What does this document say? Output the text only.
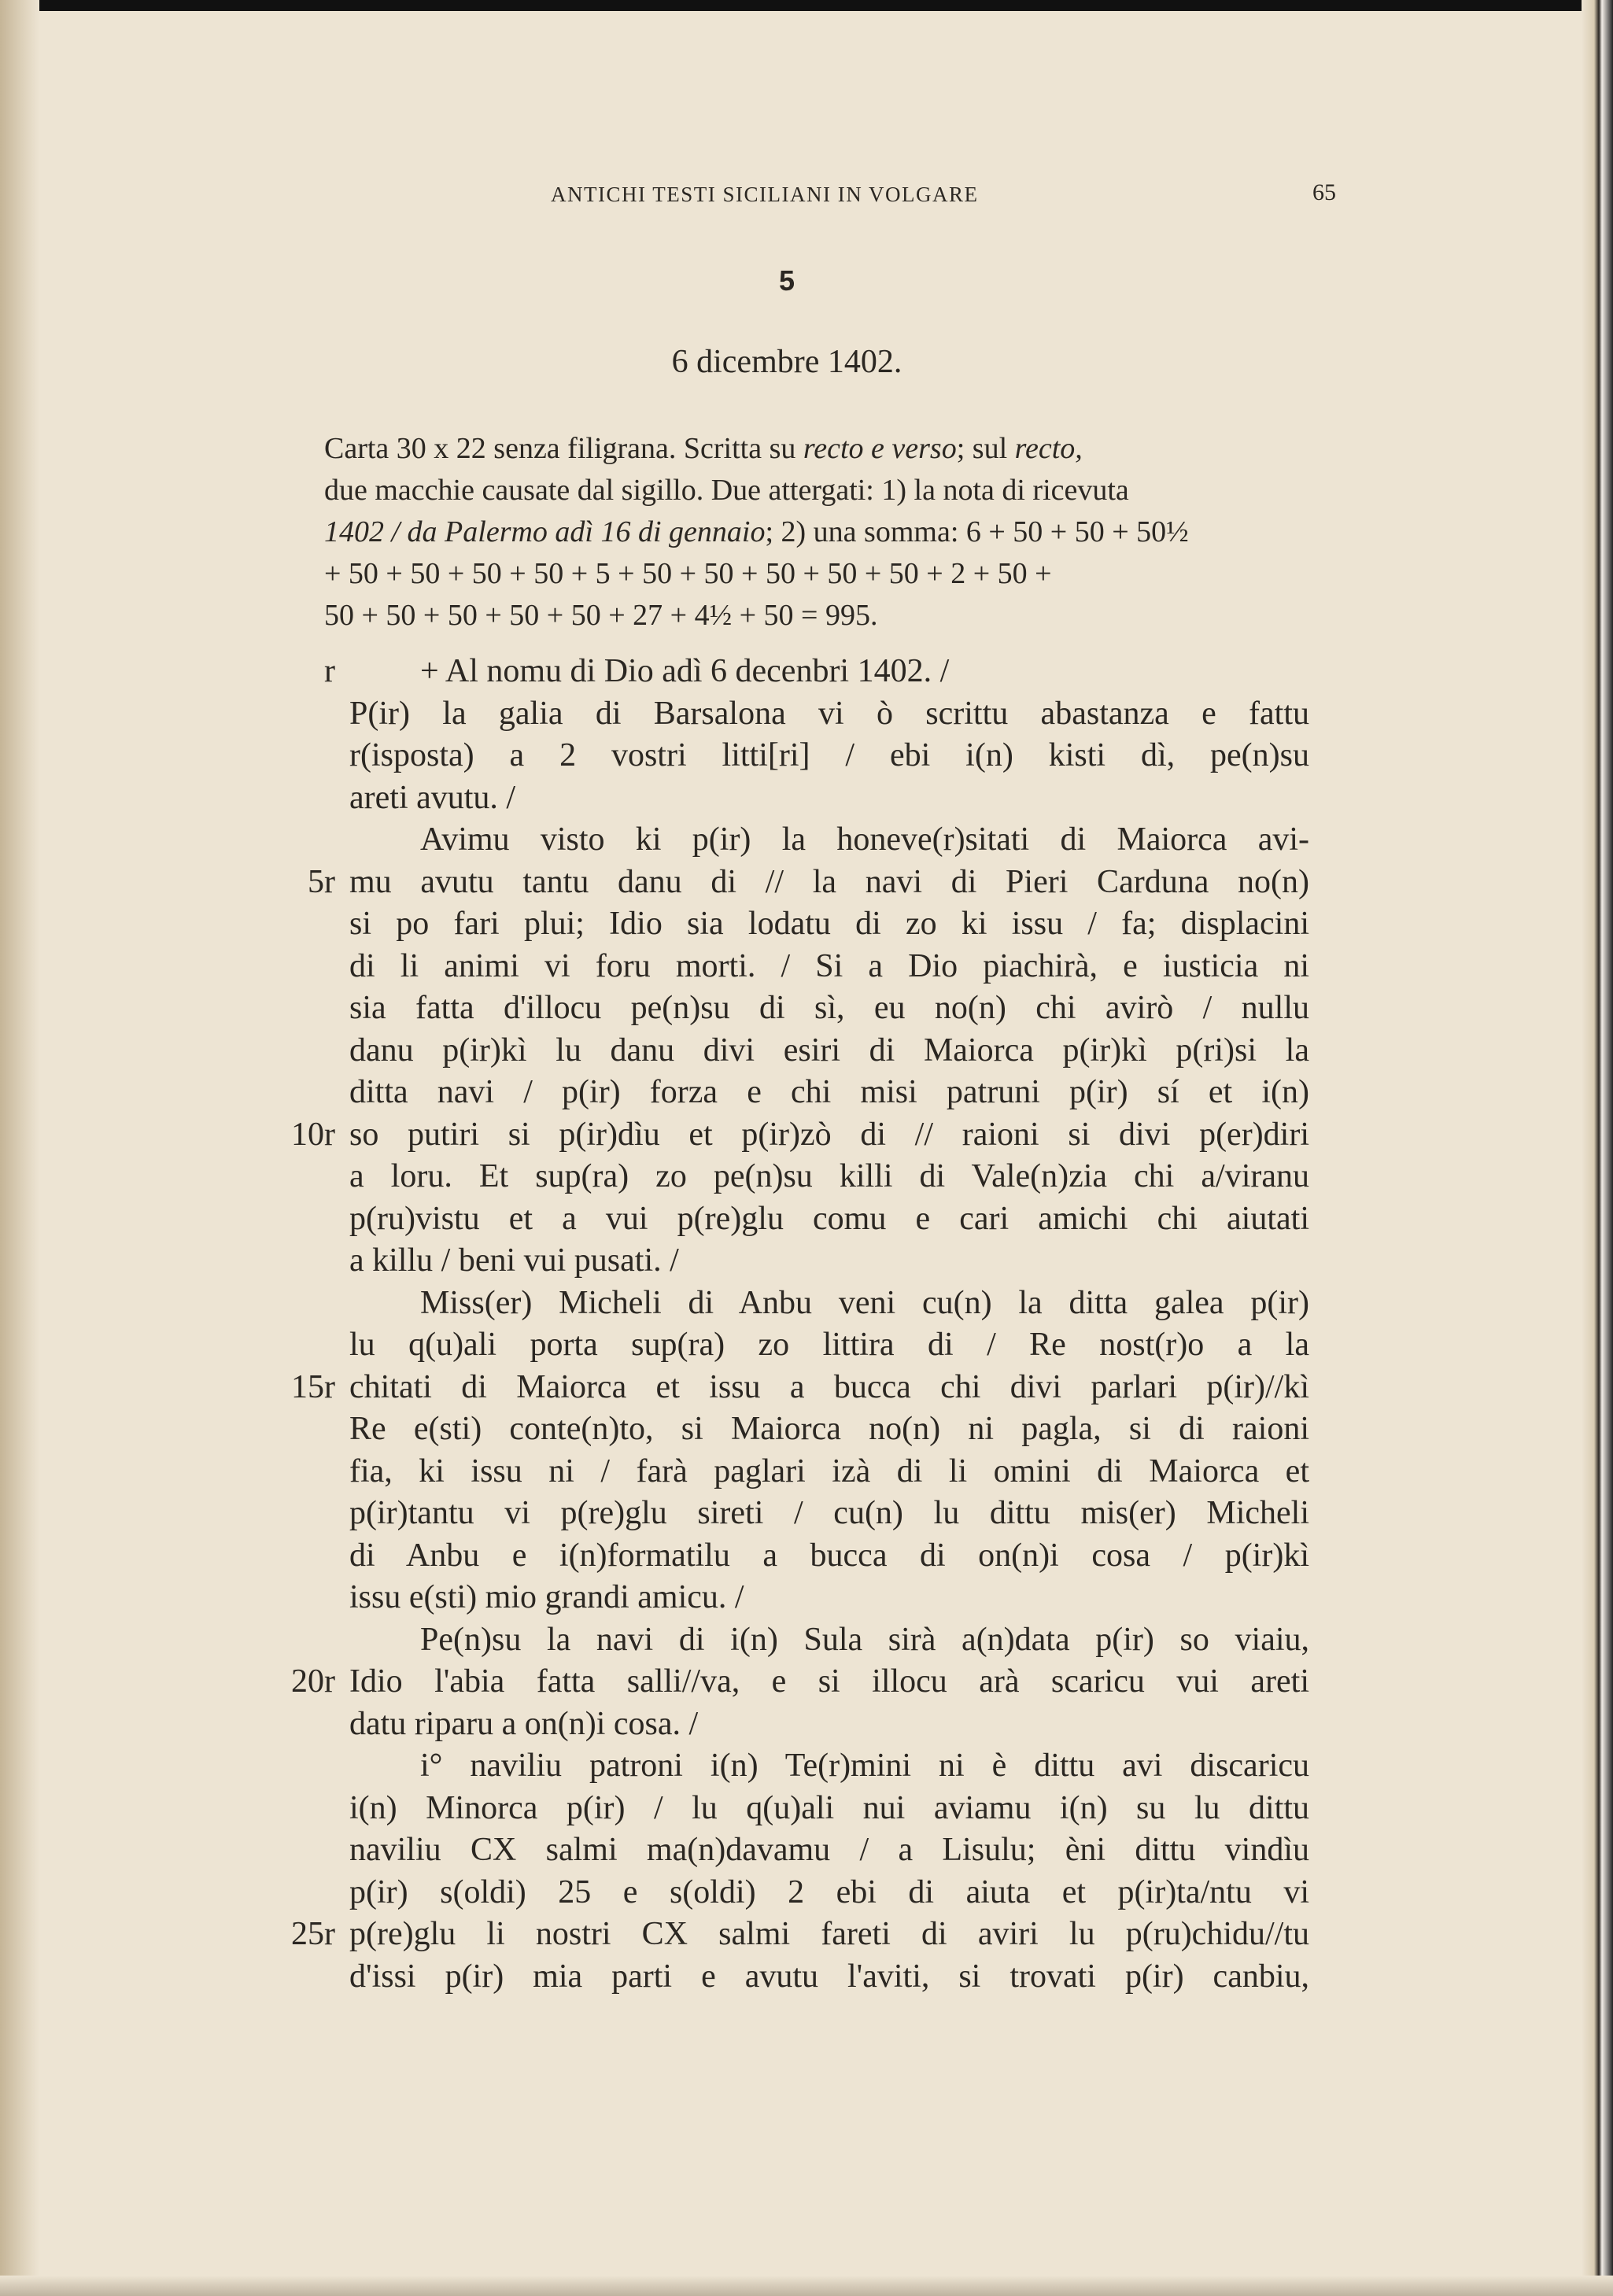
ANTICHI TESTI SICILIANI IN VOLGARE	65
5
6 dicembre 1402.
Carta 30 x 22 senza filigrana. Scritta su recto e verso; sul recto,
due macchie causate dal sigillo. Due attergati: 1) la nota di ricevuta
1402 / da Palermo adì 16 di gennaio; 2) una somma: 6 + 50 + 50 + 50½
+ 50 + 50 + 50 + 50 + 5 + 50 + 50 + 50 + 50 + 50 + 2 + 50 +
50 + 50 + 50 + 50 + 50 + 27 + 4½ + 50 = 995.
r	+ Al nomu di Dio adì 6 decenbri 1402. /
P(ir) la galia di Barsalona vi ò scrittu abastanza e fattu
r(isposta) a 2 vostri litti[ri] / ebi i(n) kisti dì, pe(n)su
areti avutu. /
Avimu visto ki p(ir) la honeve(r)sitati di Maiorca avi-
5r mu avutu tantu danu di // la navi di Pieri Carduna no(n)
si po fari plui; Idio sia lodatu di zo ki issu / fa; displacini
di li animi vi foru morti. / Si a Dio piachirà, e iusticia ni
sia fatta d'illocu pe(n)su di sì, eu no(n) chi avirò / nullu
danu p(ir)kì lu danu divi esiri di Maiorca p(ir)kì p(ri)si la
ditta navi / p(ir) forza e chi misi patruni p(ir) sí et i(n)
10r so putiri si p(ir)dìu et p(ir)zò di // raioni si divi p(er)diri
a loru. Et sup(ra) zo pe(n)su killi di Vale(n)zia chi a/viranu
p(ru)vistu et a vui p(re)glu comu e cari amichi chi aiutati
a killu / beni vui pusati. /
Miss(er) Micheli di Anbu veni cu(n) la ditta galea p(ir)
lu q(u)ali porta sup(ra) zo littira di / Re nost(r)o a la
15r chitati di Maiorca et issu a bucca chi divi parlari p(ir)//kì
Re e(sti) conte(n)to, si Maiorca no(n) ni pagla, si di raioni
fia, ki issu ni / farà paglari izà di li omini di Maiorca et
p(ir)tantu vi p(re)glu sireti / cu(n) lu dittu mis(er) Micheli
di Anbu e i(n)formatilu a bucca di on(n)i cosa / p(ir)kì
issu e(sti) mio grandi amicu. /
Pe(n)su la navi di i(n) Sula sirà a(n)data p(ir) so viaiu,
20r Idio l'abia fatta salli//va, e si illocu arà scaricu vui areti
datu riparu a on(n)i cosa. /
i° naviliu patroni i(n) Te(r)mini ni è dittu avi discaricu
i(n) Minorca p(ir) / lu q(u)ali nui aviamu i(n) su lu dittu
naviliu CX salmi ma(n)davamu / a Lisulu; èni dittu vindìu
p(ir) s(oldi) 25 e s(oldi) 2 ebi di aiuta et p(ir)ta/ntu vi
25r p(re)glu li nostri CX salmi fareti di aviri lu p(ru)chidu//tu
d'issi p(ir) mia parti e avutu l'aviti, si trovati p(ir) canbiu,
